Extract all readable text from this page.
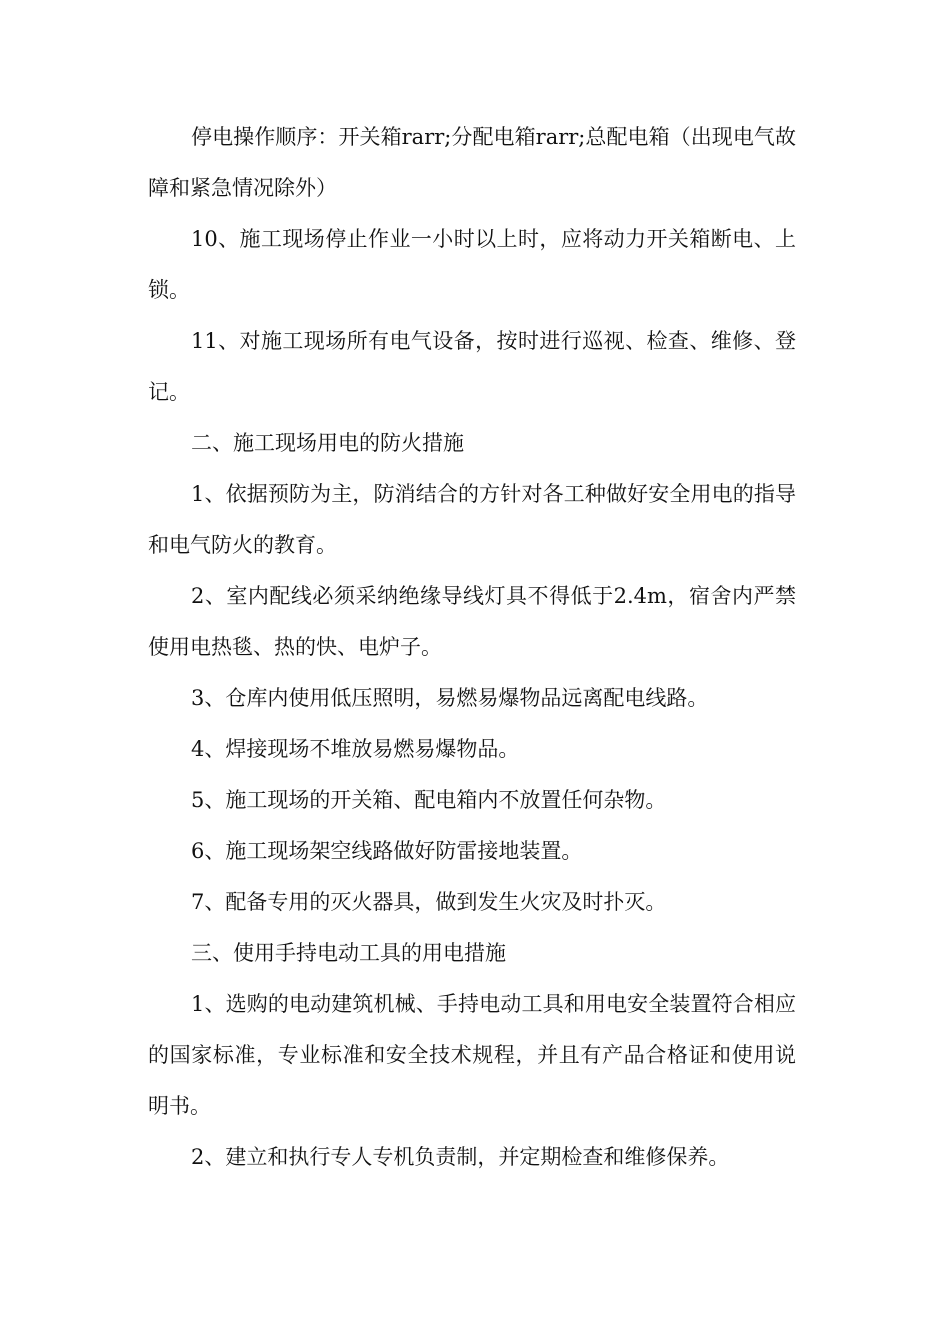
停电操作顺序：开关箱rarr;分配电箱rarr;总配电箱（出现电气故障和紧急情况除外）

10、施工现场停止作业一小时以上时，应将动力开关箱断电、上锁。

11、对施工现场所有电气设备，按时进行巡视、检查、维修、登记。

二、施工现场用电的防火措施

1、依据预防为主，防消结合的方针对各工种做好安全用电的指导和电气防火的教育。

2、室内配线必须采纳绝缘导线灯具不得低于2.4m，宿舍内严禁使用电热毯、热的快、电炉子。

3、仓库内使用低压照明，易燃易爆物品远离配电线路。

4、焊接现场不堆放易燃易爆物品。

5、施工现场的开关箱、配电箱内不放置任何杂物。

6、施工现场架空线路做好防雷接地装置。

7、配备专用的灭火器具，做到发生火灾及时扑灭。

三、使用手持电动工具的用电措施

1、选购的电动建筑机械、手持电动工具和用电安全装置符合相应的国家标准，专业标准和安全技术规程，并且有产品合格证和使用说明书。

2、建立和执行专人专机负责制，并定期检查和维修保养。
